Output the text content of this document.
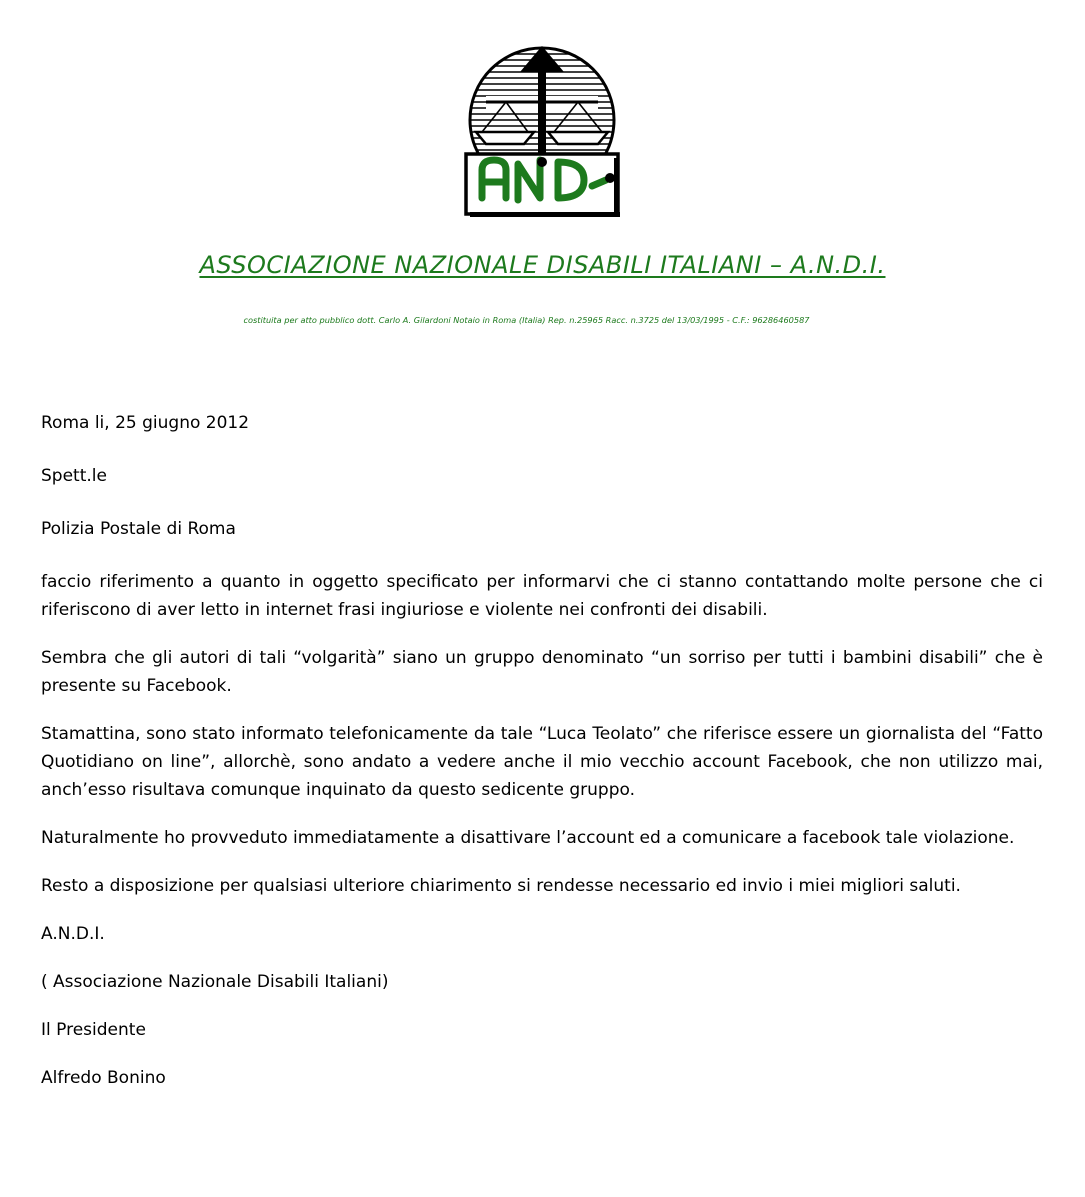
ASSOCIAZIONE NAZIONALE DISABILI ITALIANI – A.N.D.I.
costituita per atto pubblico dott. Carlo A. Gilardoni Notaio in Roma (Italia) Rep. n.25965 Racc. n.3725 del 13/03/1995 - C.F.: 96286460587

Roma li, 25 giugno 2012

Spett.le

Polizia Postale di Roma

faccio riferimento a quanto in oggetto specificato per informarvi che ci stanno contattando molte persone che ci riferiscono di aver letto in internet frasi ingiuriose e violente nei confronti dei disabili.

Sembra che gli autori di tali “volgarità” siano un gruppo denominato “un sorriso per tutti i bambini disabili” che è presente su Facebook.

Stamattina, sono stato informato telefonicamente da tale “Luca Teolato” che riferisce essere un giornalista del “Fatto Quotidiano on line”, allorchè, sono andato a vedere anche il mio vecchio account Facebook, che non utilizzo mai, anch’esso risultava comunque inquinato da questo sedicente gruppo.

Naturalmente ho provveduto immediatamente a disattivare l’account ed a comunicare a facebook tale violazione.

Resto a disposizione per qualsiasi ulteriore chiarimento si rendesse necessario ed invio i miei migliori saluti.

A.N.D.I.

( Associazione Nazionale Disabili Italiani)

Il Presidente

Alfredo Bonino
